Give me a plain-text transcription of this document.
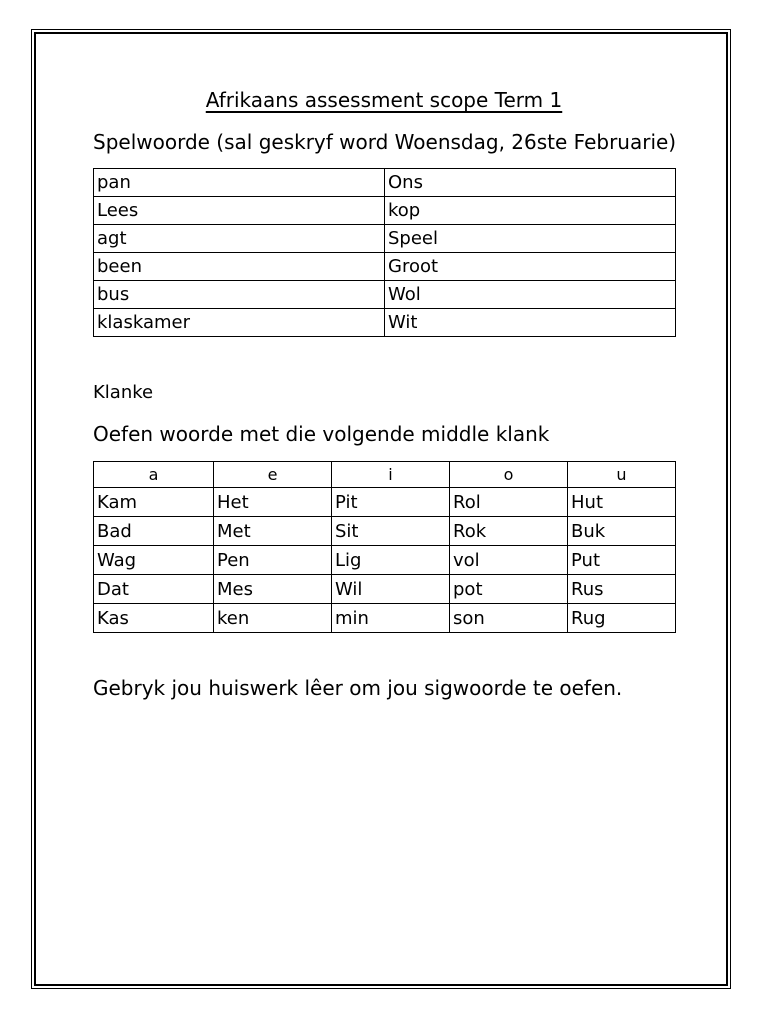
Afrikaans assessment scope Term 1
Spelwoorde (sal geskryf word Woensdag, 26ste Februarie)
pan	Ons
Lees	kop
agt	Speel
been	Groot
bus	Wol
klaskamer	Wit
Klanke
Oefen woorde met die volgende middle klank
a	e	i	o	u
Kam	Het	Pit	Rol	Hut
Bad	Met	Sit	Rok	Buk
Wag	Pen	Lig	vol	Put
Dat	Mes	Wil	pot	Rus
Kas	ken	min	son	Rug
Gebryk jou huiswerk lêer om jou sigwoorde te oefen.
